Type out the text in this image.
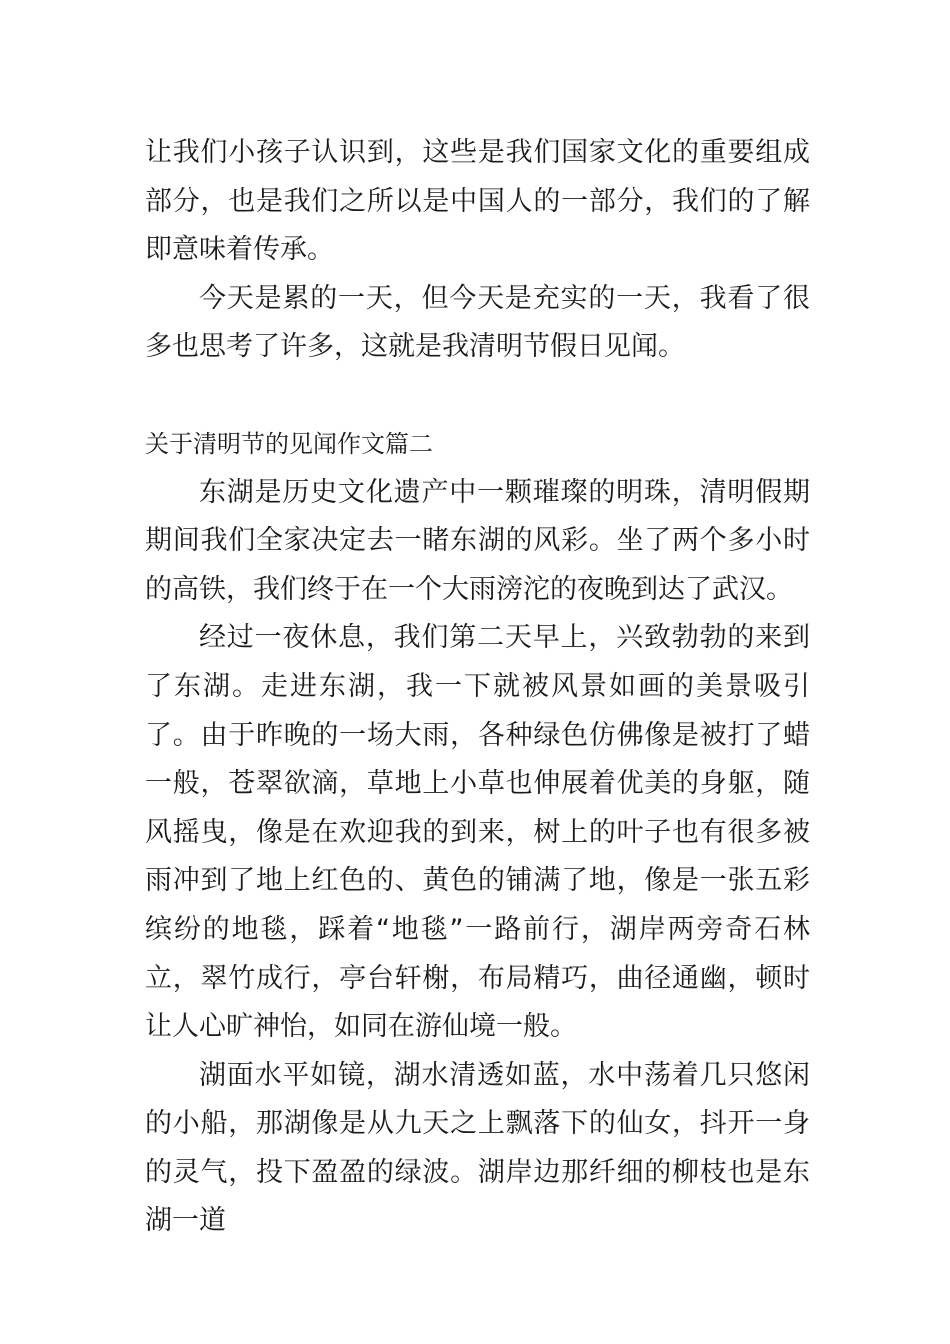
让我们小孩子认识到，这些是我们国家文化的重要组成部分，也是我们之所以是中国人的一部分，我们的了解即意味着传承。

今天是累的一天，但今天是充实的一天，我看了很多也思考了许多，这就是我清明节假日见闻。

关于清明节的见闻作文篇二

东湖是历史文化遗产中一颗璀璨的明珠，清明假期期间我们全家决定去一睹东湖的风彩。坐了两个多小时的高铁，我们终于在一个大雨滂沱的夜晚到达了武汉。

经过一夜休息，我们第二天早上，兴致勃勃的来到了东湖。走进东湖，我一下就被风景如画的美景吸引了。由于昨晚的一场大雨，各种绿色仿佛像是被打了蜡一般，苍翠欲滴，草地上小草也伸展着优美的身躯，随风摇曳，像是在欢迎我的到来，树上的叶子也有很多被雨冲到了地上红色的、黄色的铺满了地，像是一张五彩缤纷的地毯，踩着“地毯”一路前行，湖岸两旁奇石林立，翠竹成行，亭台轩榭，布局精巧，曲径通幽，顿时让人心旷神怡，如同在游仙境一般。

湖面水平如镜，湖水清透如蓝，水中荡着几只悠闲的小船，那湖像是从九天之上飘落下的仙女，抖开一身的灵气，投下盈盈的绿波。湖岸边那纤细的柳枝也是东湖一道
